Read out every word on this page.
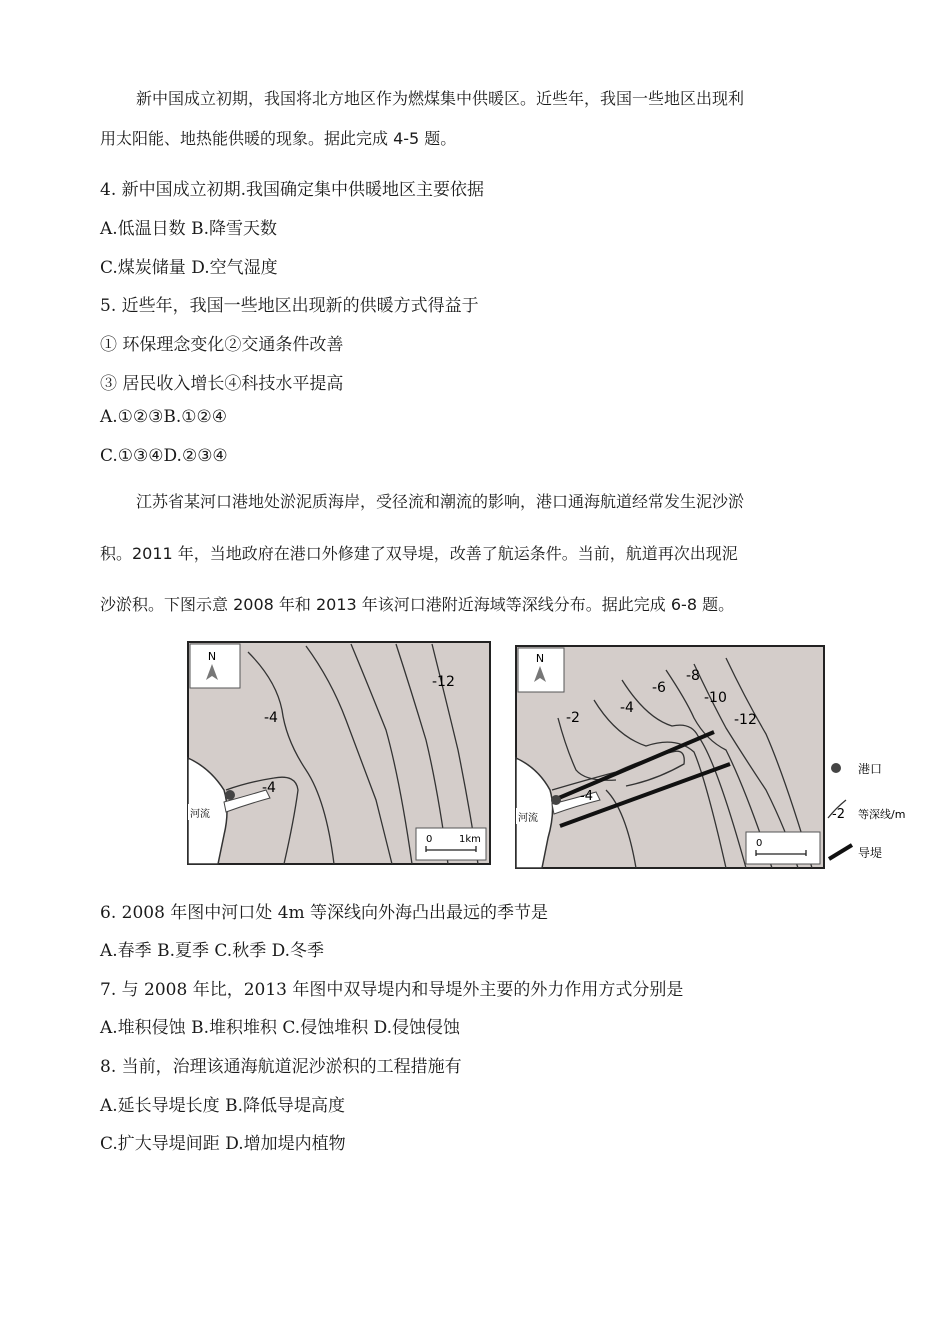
新中国成立初期，我国将北方地区作为燃煤集中供暖区。近些年，我国一些地区出现利
用太阳能、地热能供暖的现象。据此完成 4-5 题。
4. 新中国成立初期.我国确定集中供暖地区主要依据
A.低温日数 B.降雪天数
C.煤炭储量 D.空气湿度
5. 近些年，我国一些地区出现新的供暖方式得益于
① 环保理念变化②交通条件改善
③ 居民收入增长④科技水平提高
A.①②③B.①②④
C.①③④D.②③④
江苏省某河口港地处淤泥质海岸，受径流和潮流的影响，港口通海航道经常发生泥沙淤
积。2011 年，当地政府在港口外修建了双导堤，改善了航运条件。当前，航道再次出现泥
沙淤积。下图示意 2008 年和 2013 年该河口港附近海域等深线分布。据此完成 6-8 题。
N
-4
-4
-12
河流
0	1km
N
-2
-4
-6
-8
-10
-12
-4
河流
0
港口
-2 等深线/m
导堤
6. 2008 年图中河口处 4m 等深线向外海凸出最远的季节是
A.春季 B.夏季 C.秋季 D.冬季
7. 与 2008 年比，2013 年图中双导堤内和导堤外主要的外力作用方式分别是
A.堆积侵蚀 B.堆积堆积 C.侵蚀堆积 D.侵蚀侵蚀
8. 当前，治理该通海航道泥沙淤积的工程措施有
A.延长导堤长度 B.降低导堤高度
C.扩大导堤间距 D.增加堤内植物
